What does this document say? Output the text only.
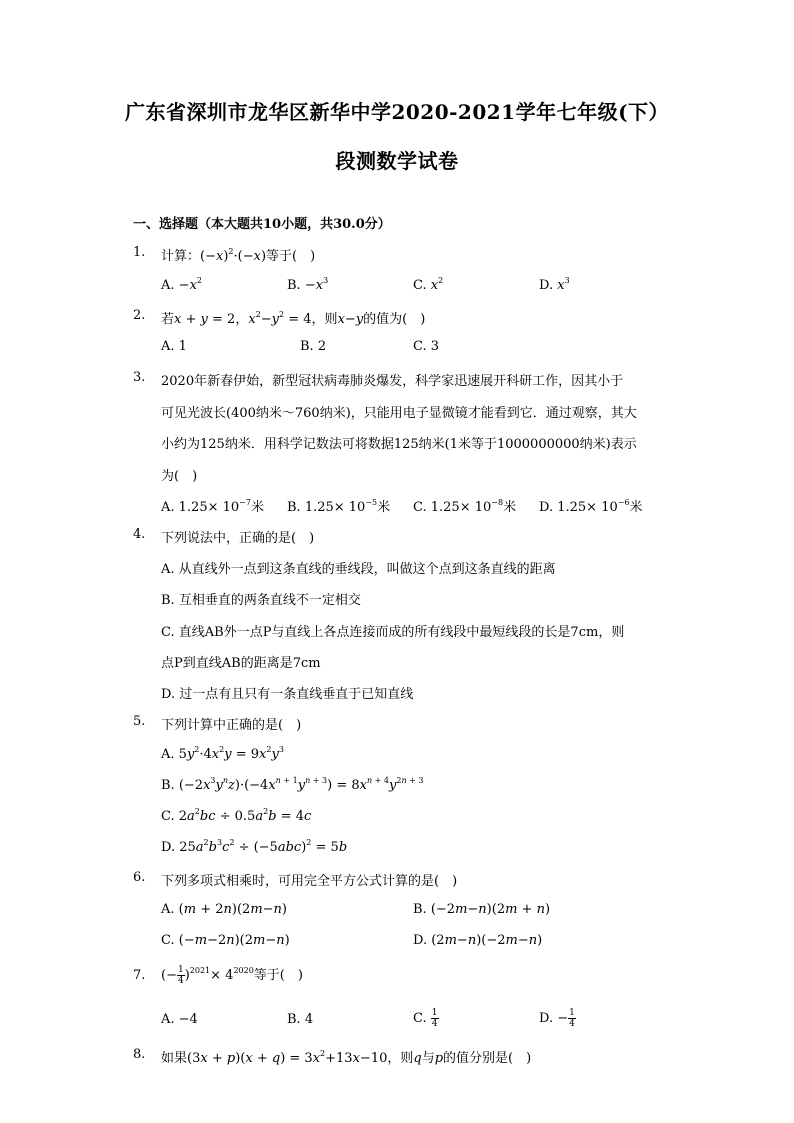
广东省深圳市龙华区新华中学2020-2021学年七年级(下）
段测数学试卷
一、选择题（本大题共10小题，共30.0分）
1. 计算：$(-x)^2\cdot(-x)$等于(　)
A. $-x^2$	B. $-x^3$	C. $x^2$	D. $x^3$
2. 若x + y = 2，$x^2-y^2 = 4$，则x−y的值为(　)
A. 1	B. 2	C. 3
3. 2020年新春伊始，新型冠状病毒肺炎爆发，科学家迅速展开科研工作，因其小于
可见光波长(400纳米～760纳米)，只能用电子显微镜才能看到它．通过观察，其大
小约为125纳米．用科学记数法可将数据125纳米(1米等于1000000000纳米)表示
为(　)
A. $1.25\times 10^{-7}$米 B. $1.25\times 10^{-5}$米 C. $1.25\times 10^{-8}$米 D. $1.25\times 10^{-6}$米
4. 下列说法中，正确的是(　)
A. 从直线外一点到这条直线的垂线段，叫做这个点到这条直线的距离
B. 互相垂直的两条直线不一定相交
C. 直线AB外一点P与直线上各点连接而成的所有线段中最短线段的长是7cm，则
点P到直线AB的距离是7cm
D. 过一点有且只有一条直线垂直于已知直线
5. 下列计算中正确的是(　)
A. $5y^2\cdot 4x^2y = 9x^2y^3$
B. $(-2x^3y^nz)\cdot(-4x^{n + 1}y^{n + 3}) = 8x^{n + 4}y^{2n + 3}$
C. $2a^2bc \div 0.5a^2b = 4c$
D. $25a^2b^3c^2 \div (-5abc)^2 = 5b$
6. 下列多项式相乘时，可用完全平方公式计算的是(　)
A. (m + 2n)(2m−n)	B. (−2m−n)(2m + n)
C. (−m−2n)(2m−n)	D. (2m−n)(−2m−n)
7. (− $\frac{1}{4} )^{2021}\times 4^{2020}$等于(　)
A. −4	B. 4	C. $\frac{1}{4}$	D. − $\frac{1}{4}$
8. 如果$(3x + p)(x + q) = 3x^2+13x-10$，则q与p的值分别是(　)
